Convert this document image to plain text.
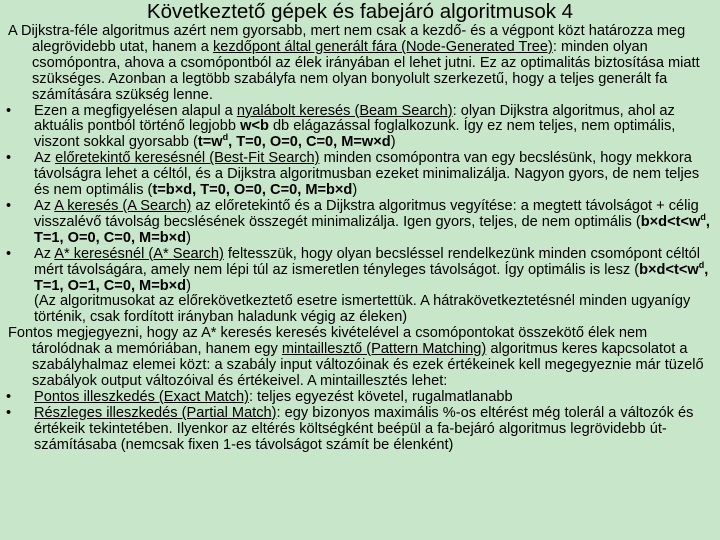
Következtető gépek és fabejáró algoritmusok 4

A Dijkstra-féle algoritmus azért nem gyorsabb, mert nem csak a kezdő- és a végpont közt határozza meg alegrövidebb utat, hanem a kezdőpont által generált fára (Node-Generated Tree): minden olyan csomópontra, ahova a csomópontból az élek irányában el lehet jutni. Ez az optimalitás biztosítása miatt szükséges. Azonban a legtöbb szabályfa nem olyan bonyolult szerkezetű, hogy a teljes generált fa számítására szükség lenne.

•	Ezen a megfigyelésen alapul a nyalábolt keresés (Beam Search): olyan Dijkstra algoritmus, ahol az aktuális pontból történő legjobb w<b db elágazással foglalkozunk. Így ez nem teljes, nem optimális, viszont sokkal gyorsabb ($t=w^d$, T=0, O=0, C=0, M=w×d)
•	Az előretekintő keresésnél (Best-Fit Search) minden csomópontra van egy becslésünk, hogy mekkora távolságra lehet a céltól, és a Dijkstra algoritmusban ezeket minimalizálja. Nagyon gyors, de nem teljes és nem optimális (t=b×d, T=0, O=0, C=0, M=b×d)
•	Az A keresés (A Search) az előretekintő és a Dijkstra algoritmus vegyítése: a megtett távolságot + célig visszalévő távolság becslésének összegét minimalizálja. Igen gyors, teljes, de nem optimális ($b\times d<t<w^d$, T=1, O=0, C=0, M=b×d)
•	Az A* keresésnél (A* Search) feltesszük, hogy olyan becsléssel rendelkezünk minden csomópont céltól mért távolságára, amely nem lépi túl az ismeretlen tényleges távolságot. Így optimális is lesz ($b\times d<t<w^d$, T=1, O=1, C=0, M=b×d)

(Az algoritmusokat az előrekövetkeztető esetre ismertettük. A hátrakövetkeztetésnél minden ugyanígy történik, csak fordított irányban haladunk végig az éleken)

Fontos megjegyezni, hogy az A* keresés keresés kivételével a csomópontokat összekötő élek nem tárolódnak a memóriában, hanem egy mintaillesztő (Pattern Matching) algoritmus keres kapcsolatot a szabályhalmaz elemei közt: a szabály input változóinak és ezek értékeinek kell megegyeznie már tüzelő szabályok output változóival és értékeivel. A mintaillesztés lehet:

•	Pontos illeszkedés (Exact Match): teljes egyezést követel, rugalmatlanabb
•	Részleges illeszkedés (Partial Match): egy bizonyos maximális %-os eltérést még tolerál a változók és értékeik tekintetében. Ilyenkor az eltérés költségként beépül a fa-bejáró algoritmus legrövidebb út-számításaba (nemcsak fixen 1-es távolságot számít be élenként)
